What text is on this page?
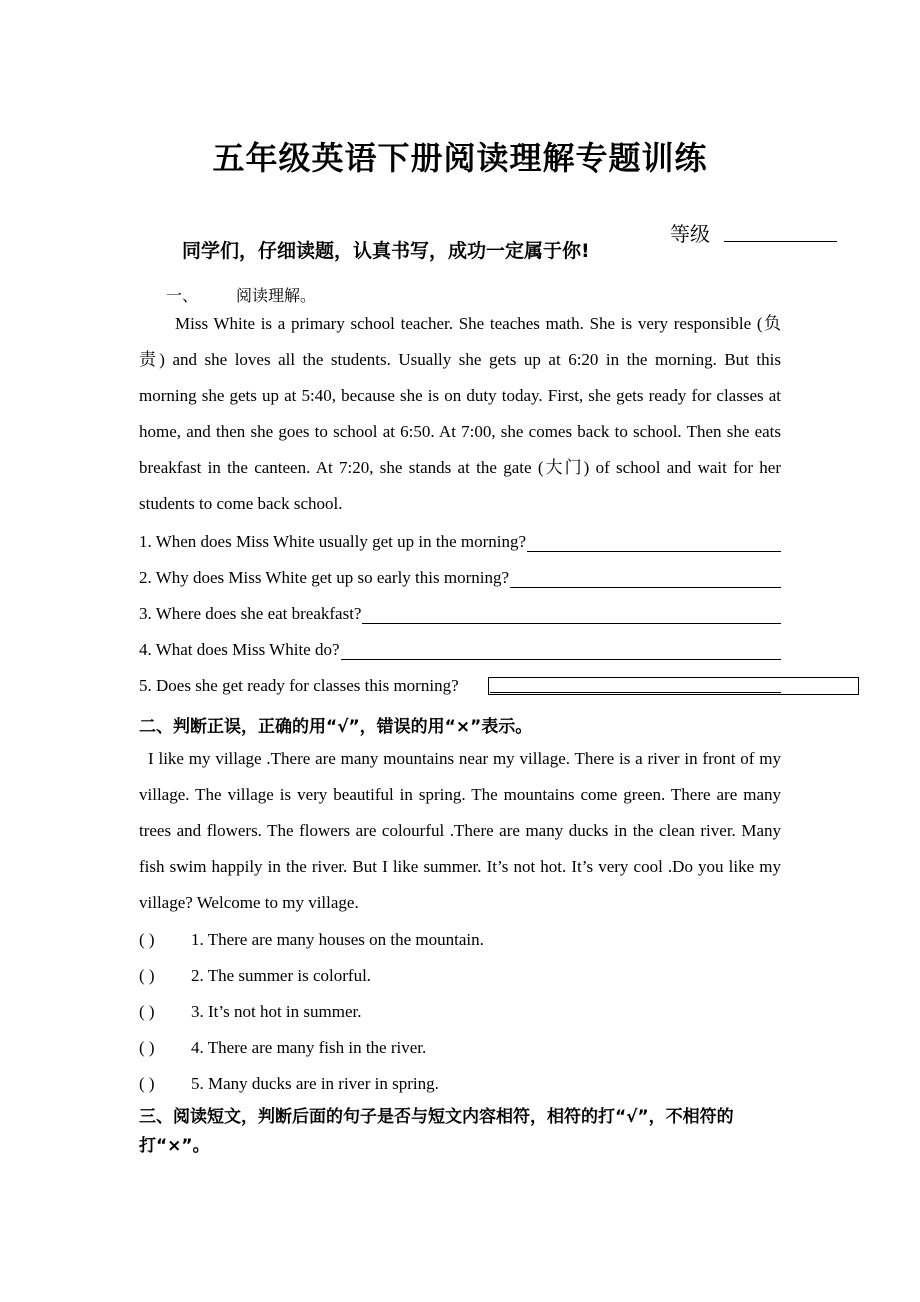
五年级英语下册阅读理解专题训练
等级
同学们，仔细读题，认真书写，成功一定属于你!
一、 阅读理解。
Miss White is a primary school teacher. She teaches math. She is very responsible (负责) and she loves all the students. Usually she gets up at 6:20 in the morning. But this morning she gets up at 5:40, because she is on duty today. First, she gets ready for classes at home, and then she goes to school at 6:50. At 7:00, she comes back to school. Then she eats breakfast in the canteen. At 7:20, she stands at the gate (大门) of school and wait for her students to come back school.
1. When does Miss White usually get up in the morning?
2. Why does Miss White get up so early this morning?
3. Where does she eat breakfast?
4. What does Miss White do?
5. Does she get ready for classes this morning?
二、判断正误，正确的用“√”，错误的用“×”表示。
I like my village .There are many mountains near my village. There is a river in front of my village. The village is very beautiful in spring. The mountains come green. There are many trees and flowers. The flowers are colourful .There are many ducks in the clean river. Many fish swim happily in the river. But I like summer. It’s not hot. It’s very cool .Do you like my village? Welcome to my village.
( ) 1. There are many houses on the mountain.
( ) 2. The summer is colorful.
( ) 3. It’s not hot in summer.
( ) 4. There are many fish in the river.
( ) 5. Many ducks are in river in spring.
三、阅读短文，判断后面的句子是否与短文内容相符，相符的打“√”，不相符的打“×”。
